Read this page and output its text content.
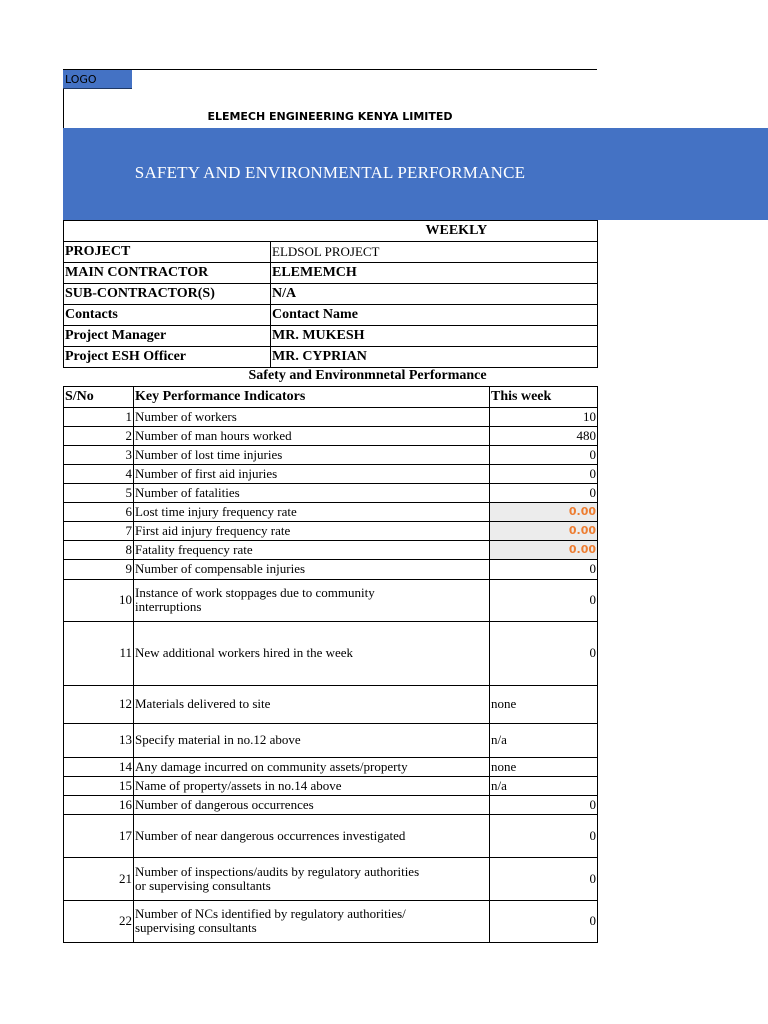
LOGO
ELEMECH ENGINEERING KENYA LIMITED
SAFETY AND ENVIRONMENTAL PERFORMANCE
		WEEKLY
PROJECT	ELDSOL PROJECT	
MAIN CONTRACTOR	ELEMEMCH	
SUB-CONTRACTOR(S)	N/A	
Contacts	Contact Name	
Project Manager	MR. MUKESH	
Project ESH Officer	MR. CYPRIAN	
Safety and Environmnetal Performance		
S/No	Key Performance Indicators	This week
1	Number of workers	10
2	Number of man hours worked	480
3	Number of lost time injuries	0
4	Number of first aid injuries	0
5	Number of fatalities	0
6	Lost time injury frequency rate	0.00
7	First aid injury frequency rate	0.00
8	Fatality frequency rate	0.00
9	Number of compensable injuries	0
10	Instance of work stoppages due to community
interruptions	0
11	New additional workers hired in the week	0
12	Materials delivered to site	none
13	Specify material in no.12 above	n/a
14	Any damage incurred on community assets/property	none
15	Name of property/assets in no.14 above	n/a
16	Number of dangerous occurrences	0
17	Number of near dangerous occurrences investigated	0
21	Number of inspections/audits by regulatory authorities
or supervising consultants	0
22	Number of NCs identified by regulatory authorities/
supervising consultants	0
